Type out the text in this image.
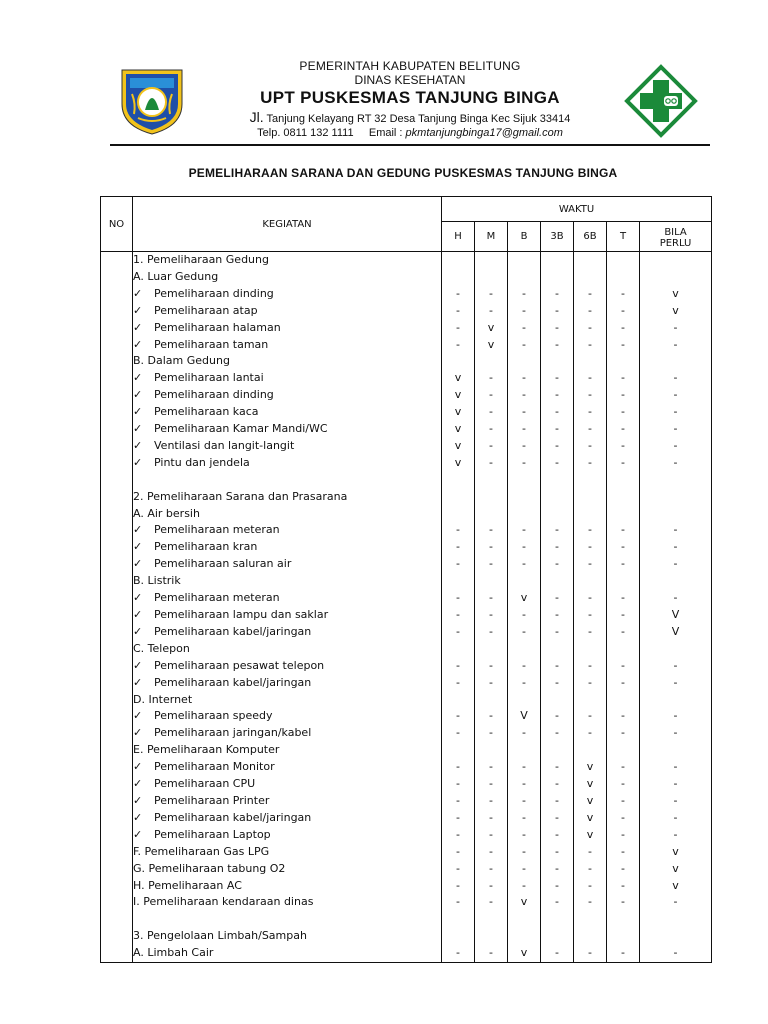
PEMERINTAH KABUPATEN BELITUNG
DINAS KESEHATAN
UPT PUSKESMAS TANJUNG BINGA
Jl. Tanjung Kelayang RT 32 Desa Tanjung Binga Kec Sijuk 33414
Telp. 0811 132 1111 Email : pkmtanjungbinga17@gmail.com
PEMELIHARAAN SARANA DAN GEDUNG PUSKESMAS TANJUNG BINGA
NO	KEGIATAN	WAKTU						
		H	M	B	3B	6B	T	BILA
								PERLU
	1. Pemeliharaan Gedung							
	A. Luar Gedung							
	✓ Pemeliharaan dinding	-	-	-	-	-	-	v
	✓ Pemeliharaan atap	-	-	-	-	-	-	v
	✓ Pemeliharaan halaman	-	v	-	-	-	-	-
	✓ Pemeliharaan taman	-	v	-	-	-	-	-
	B. Dalam Gedung							
	✓ Pemeliharaan lantai	v	-	-	-	-	-	-
	✓ Pemeliharaan dinding	v	-	-	-	-	-	-
	✓ Pemeliharaan kaca	v	-	-	-	-	-	-
	✓ Pemeliharaan Kamar Mandi/WC	v	-	-	-	-	-	-
	✓ Ventilasi dan langit-langit	v	-	-	-	-	-	-
	✓ Pintu dan jendela	v	-	-	-	-	-	-

	2. Pemeliharaan Sarana dan Prasarana							
	A. Air bersih							
	✓ Pemeliharaan meteran	-	-	-	-	-	-	-
	✓ Pemeliharaan kran	-	-	-	-	-	-	-
	✓ Pemeliharaan saluran air	-	-	-	-	-	-	-
	B. Listrik							
	✓ Pemeliharaan meteran	-	-	v	-	-	-	-
	✓ Pemeliharaan lampu dan saklar	-	-	-	-	-	-	V
	✓ Pemeliharaan kabel/jaringan	-	-	-	-	-	-	V
	C. Telepon							
	✓ Pemeliharaan pesawat telepon	-	-	-	-	-	-	-
	✓ Pemeliharaan kabel/jaringan	-	-	-	-	-	-	-
	D. Internet							
	✓ Pemeliharaan speedy	-	-	V	-	-	-	-
	✓ Pemeliharaan jaringan/kabel	-	-	-	-	-	-	-
	E. Pemeliharaan Komputer							
	✓ Pemeliharaan Monitor	-	-	-	-	v	-	-
	✓ Pemeliharaan CPU	-	-	-	-	v	-	-
	✓ Pemeliharaan Printer	-	-	-	-	v	-	-
	✓ Pemeliharaan kabel/jaringan	-	-	-	-	v	-	-
	✓ Pemeliharaan Laptop	-	-	-	-	v	-	-
	F. Pemeliharaan Gas LPG	-	-	-	-	-	-	v
	G. Pemeliharaan tabung O2	-	-	-	-	-	-	v
	H. Pemeliharaan AC	-	-	-	-	-	-	v
	I. Pemeliharaan kendaraan dinas	-	-	v	-	-	-	-

	3. Pengelolaan Limbah/Sampah							
	A. Limbah Cair	-	-	v	-	-	-	-
